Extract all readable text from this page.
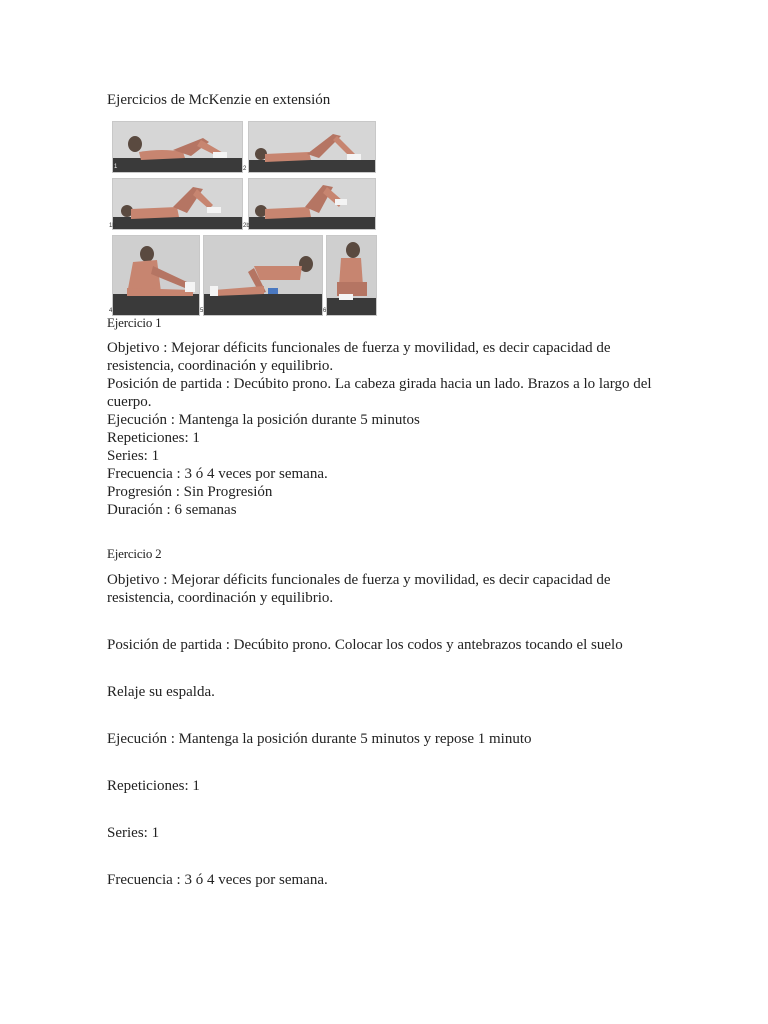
Ejercicios de McKenzie en extensión
1	2
1b	2b
4	5	6
Ejercicio 1

Objetivo : Mejorar déficits funcionales de fuerza y movilidad, es decir capacidad de

resistencia, coordinación y equilibrio.

Posición de partida : Decúbito prono. La cabeza girada hacia un lado. Brazos a lo largo del

cuerpo.

Ejecución : Mantenga la posición durante 5 minutos

Repeticiones: 1

Series: 1

Frecuencia : 3 ó 4 veces por semana.

Progresión : Sin Progresión

Duración : 6 semanas

Ejercicio 2

Objetivo : Mejorar déficits funcionales de fuerza y movilidad, es decir capacidad de

resistencia, coordinación y equilibrio.

Posición de partida : Decúbito prono. Colocar los codos y antebrazos tocando el suelo
Relaje su espalda.
Ejecución : Mantenga la posición durante 5 minutos y repose 1 minuto
Repeticiones: 1
Series: 1
Frecuencia : 3 ó 4 veces por semana.
